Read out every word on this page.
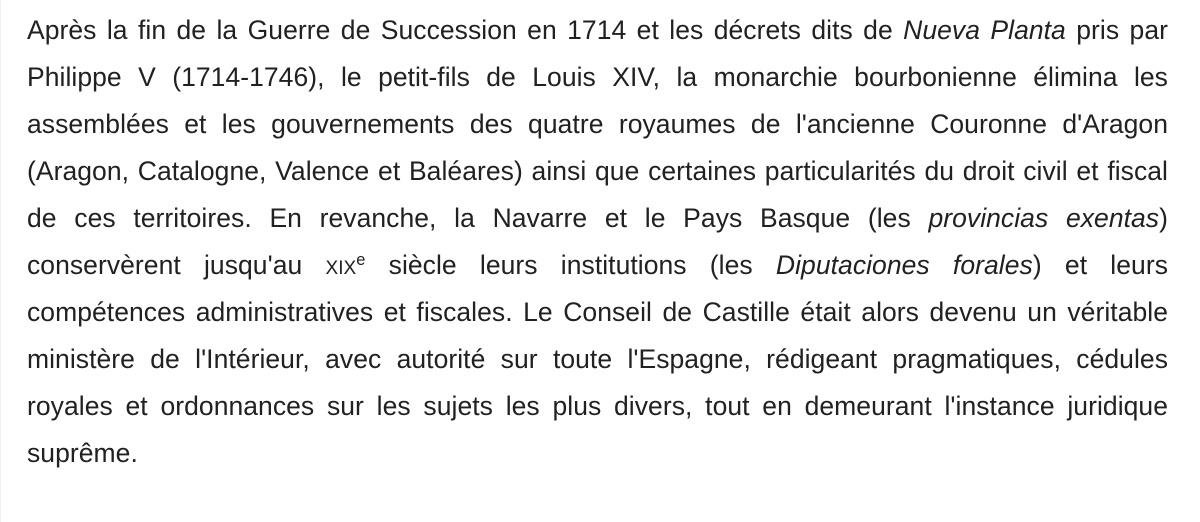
Après la fin de la Guerre de Succession en 1714 et les décrets dits de Nueva Planta pris par Philippe V (1714-1746), le petit-fils de Louis XIV, la monarchie bourbonienne élimina les assemblées et les gouvernements des quatre royaumes de l'ancienne Couronne d'Aragon (Aragon, Catalogne, Valence et Baléares) ainsi que certaines particularités du droit civil et fiscal de ces territoires. En revanche, la Navarre et le Pays Basque (les provincias exentas) conservèrent jusqu'au xix$^e$ siècle leurs institutions (les Diputaciones forales) et leurs compétences administratives et fiscales. Le Conseil de Castille était alors devenu un véritable ministère de l'Intérieur, avec autorité sur toute l'Espagne, rédigeant pragmatiques, cédules royales et ordonnances sur les sujets les plus divers, tout en demeurant l'instance juridique suprême.
